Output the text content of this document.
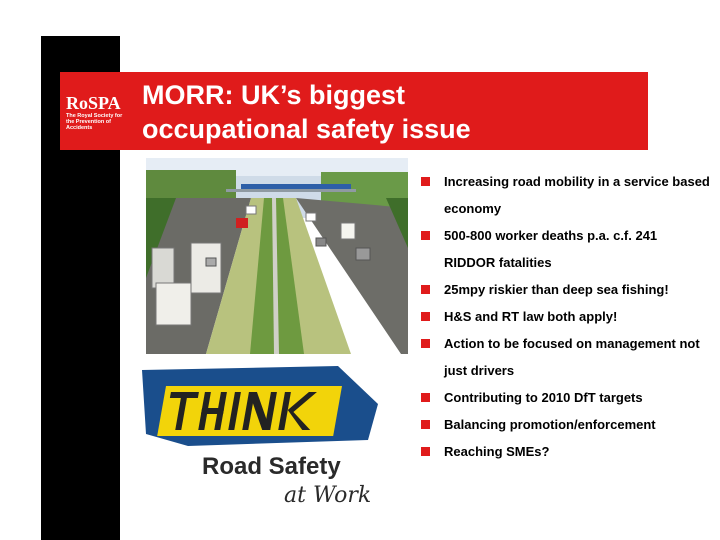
RoSPA
The Royal Society for the Prevention of Accidents
MORR: UK’s biggest
occupational safety issue
Road Safety
at Work
Increasing road mobility in a service based economy
500-800 worker deaths p.a. c.f. 241 RIDDOR fatalities
25mpy riskier than deep sea fishing!
H&S and RT law both apply!
Action to be focused on management not just drivers
Contributing to 2010 DfT targets
Balancing promotion/enforcement
Reaching SMEs?
